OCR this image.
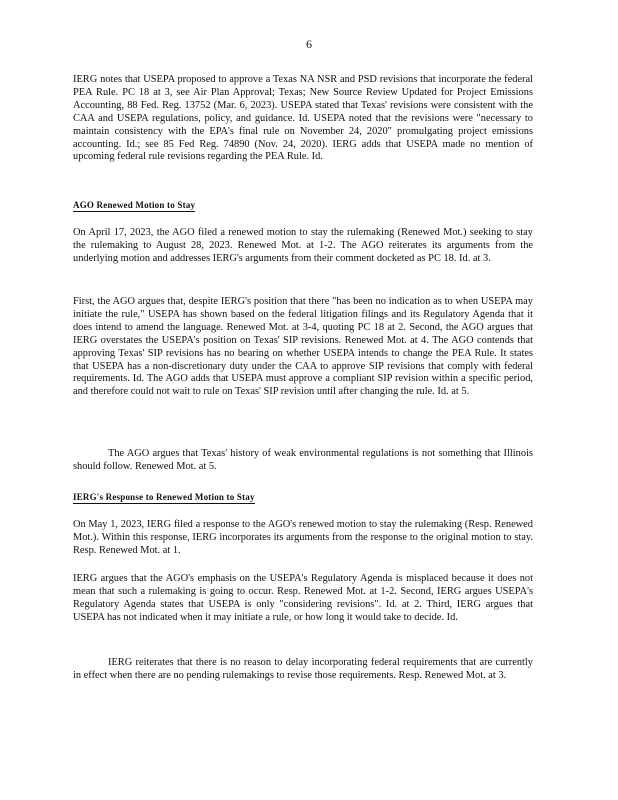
6

IERG notes that USEPA proposed to approve a Texas NA NSR and PSD revisions that incorporate the federal PEA Rule. PC 18 at 3, see Air Plan Approval; Texas; New Source Review Updated for Project Emissions Accounting, 88 Fed. Reg. 13752 (Mar. 6, 2023). USEPA stated that Texas' revisions were consistent with the CAA and USEPA regulations, policy, and guidance. Id. USEPA noted that the revisions were "necessary to maintain consistency with the EPA's final rule on November 24, 2020" promulgating project emissions accounting. Id.; see 85 Fed Reg. 74890 (Nov. 24, 2020). IERG adds that USEPA made no mention of upcoming federal rule revisions regarding the PEA Rule. Id.

AGO Renewed Motion to Stay

On April 17, 2023, the AGO filed a renewed motion to stay the rulemaking (Renewed Mot.) seeking to stay the rulemaking to August 28, 2023. Renewed Mot. at 1-2. The AGO reiterates its arguments from the underlying motion and addresses IERG's arguments from their comment docketed as PC 18. Id. at 3.

First, the AGO argues that, despite IERG's position that there "has been no indication as to when USEPA may initiate the rule," USEPA has shown based on the federal litigation filings and its Regulatory Agenda that it does intend to amend the language. Renewed Mot. at 3-4, quoting PC 18 at 2. Second, the AGO argues that IERG overstates the USEPA's position on Texas' SIP revisions. Renewed Mot. at 4. The AGO contends that approving Texas' SIP revisions has no bearing on whether USEPA intends to change the PEA Rule. It states that USEPA has a non-discretionary duty under the CAA to approve SIP revisions that comply with federal requirements. Id. The AGO adds that USEPA must approve a compliant SIP revision within a specific period, and therefore could not wait to rule on Texas' SIP revision until after changing the rule. Id. at 5.

The AGO argues that Texas' history of weak environmental regulations is not something that Illinois should follow. Renewed Mot. at 5.

IERG's Response to Renewed Motion to Stay

On May 1, 2023, IERG filed a response to the AGO's renewed motion to stay the rulemaking (Resp. Renewed Mot.). Within this response, IERG incorporates its arguments from the response to the original motion to stay. Resp. Renewed Mot. at 1.

IERG argues that the AGO's emphasis on the USEPA's Regulatory Agenda is misplaced because it does not mean that such a rulemaking is going to occur. Resp. Renewed Mot. at 1-2. Second, IERG argues USEPA's Regulatory Agenda states that USEPA is only "considering revisions". Id. at 2. Third, IERG argues that USEPA has not indicated when it may initiate a rule, or how long it would take to decide. Id.

IERG reiterates that there is no reason to delay incorporating federal requirements that are currently in effect when there are no pending rulemakings to revise those requirements. Resp. Renewed Mot. at 3.
